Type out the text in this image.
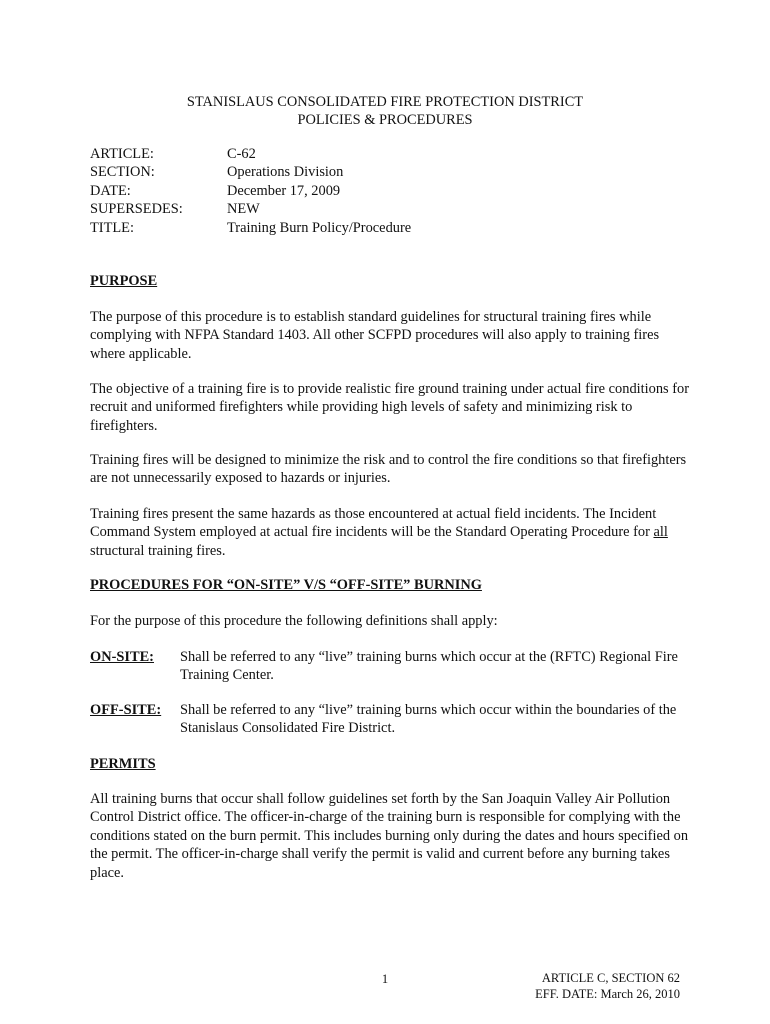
STANISLAUS CONSOLIDATED FIRE PROTECTION DISTRICT
POLICIES & PROCEDURES
ARTICLE:	C-62
SECTION:	Operations Division
DATE:	December 17, 2009
SUPERSEDES:	NEW
TITLE:	Training Burn Policy/Procedure
PURPOSE
The purpose of this procedure is to establish standard guidelines for structural training fires while complying with NFPA Standard 1403. All other SCFPD procedures will also apply to training fires where applicable.
The objective of a training fire is to provide realistic fire ground training under actual fire conditions for recruit and uniformed firefighters while providing high levels of safety and minimizing risk to firefighters.
Training fires will be designed to minimize the risk and to control the fire conditions so that firefighters are not unnecessarily exposed to hazards or injuries.
Training fires present the same hazards as those encountered at actual field incidents. The Incident Command System employed at actual fire incidents will be the Standard Operating Procedure for all structural training fires.
PROCEDURES FOR “ON-SITE” V/S “OFF-SITE” BURNING
For the purpose of this procedure the following definitions shall apply:
ON-SITE:	Shall be referred to any “live” training burns which occur at the (RFTC) Regional Fire Training Center.
OFF-SITE:	Shall be referred to any “live” training burns which occur within the boundaries of the Stanislaus Consolidated Fire District.
PERMITS
All training burns that occur shall follow guidelines set forth by the San Joaquin Valley Air Pollution Control District office. The officer-in-charge of the training burn is responsible for complying with the conditions stated on the burn permit. This includes burning only during the dates and hours specified on the permit. The officer-in-charge shall verify the permit is valid and current before any burning takes place.
1	ARTICLE C, SECTION 62
EFF. DATE: March 26, 2010
